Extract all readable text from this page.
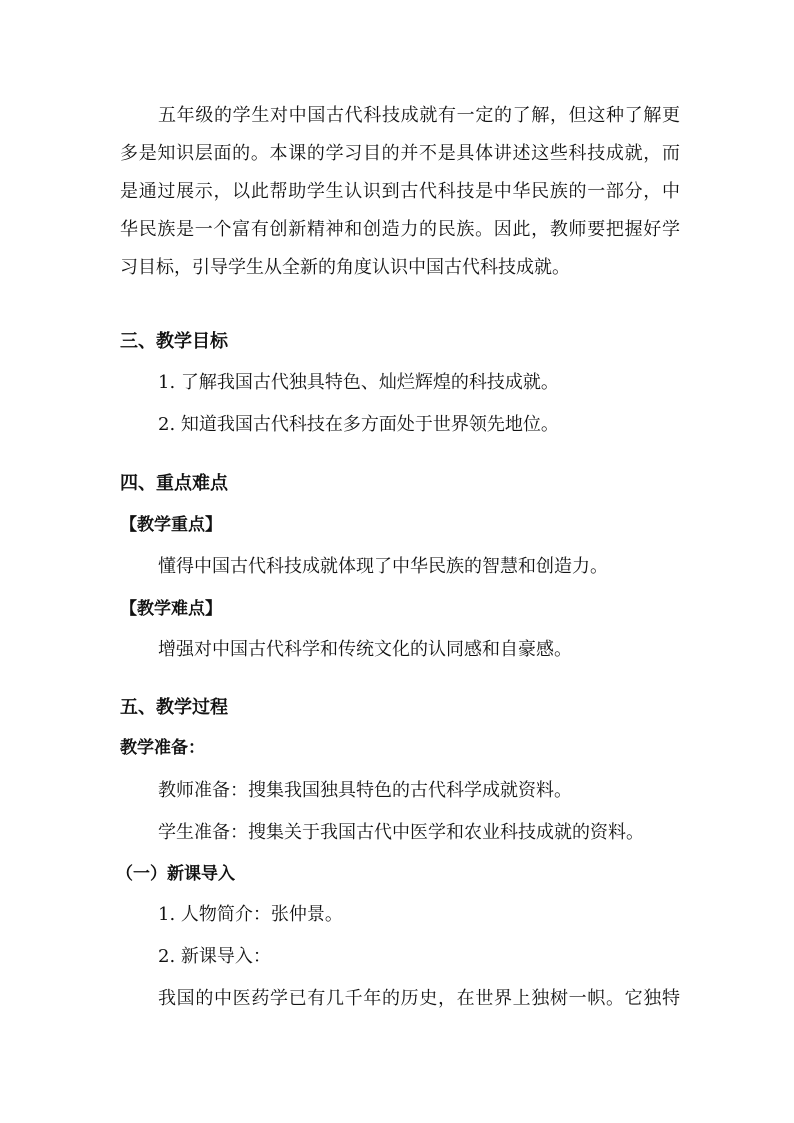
五年级的学生对中国古代科技成就有一定的了解，但这种了解更
多是知识层面的。本课的学习目的并不是具体讲述这些科技成就，而
是通过展示，以此帮助学生认识到古代科技是中华民族的一部分，中
华民族是一个富有创新精神和创造力的民族。因此，教师要把握好学
习目标，引导学生从全新的角度认识中国古代科技成就。
三、教学目标
1. 了解我国古代独具特色、灿烂辉煌的科技成就。
2. 知道我国古代科技在多方面处于世界领先地位。
四、重点难点
【教学重点】
懂得中国古代科技成就体现了中华民族的智慧和创造力。
【教学难点】
增强对中国古代科学和传统文化的认同感和自豪感。
五、教学过程
教学准备：
教师准备：搜集我国独具特色的古代科学成就资料。
学生准备：搜集关于我国古代中医学和农业科技成就的资料。
（一）新课导入
1. 人物简介：张仲景。
2. 新课导入：
我国的中医药学已有几千年的历史，在世界上独树一帜。它独特
